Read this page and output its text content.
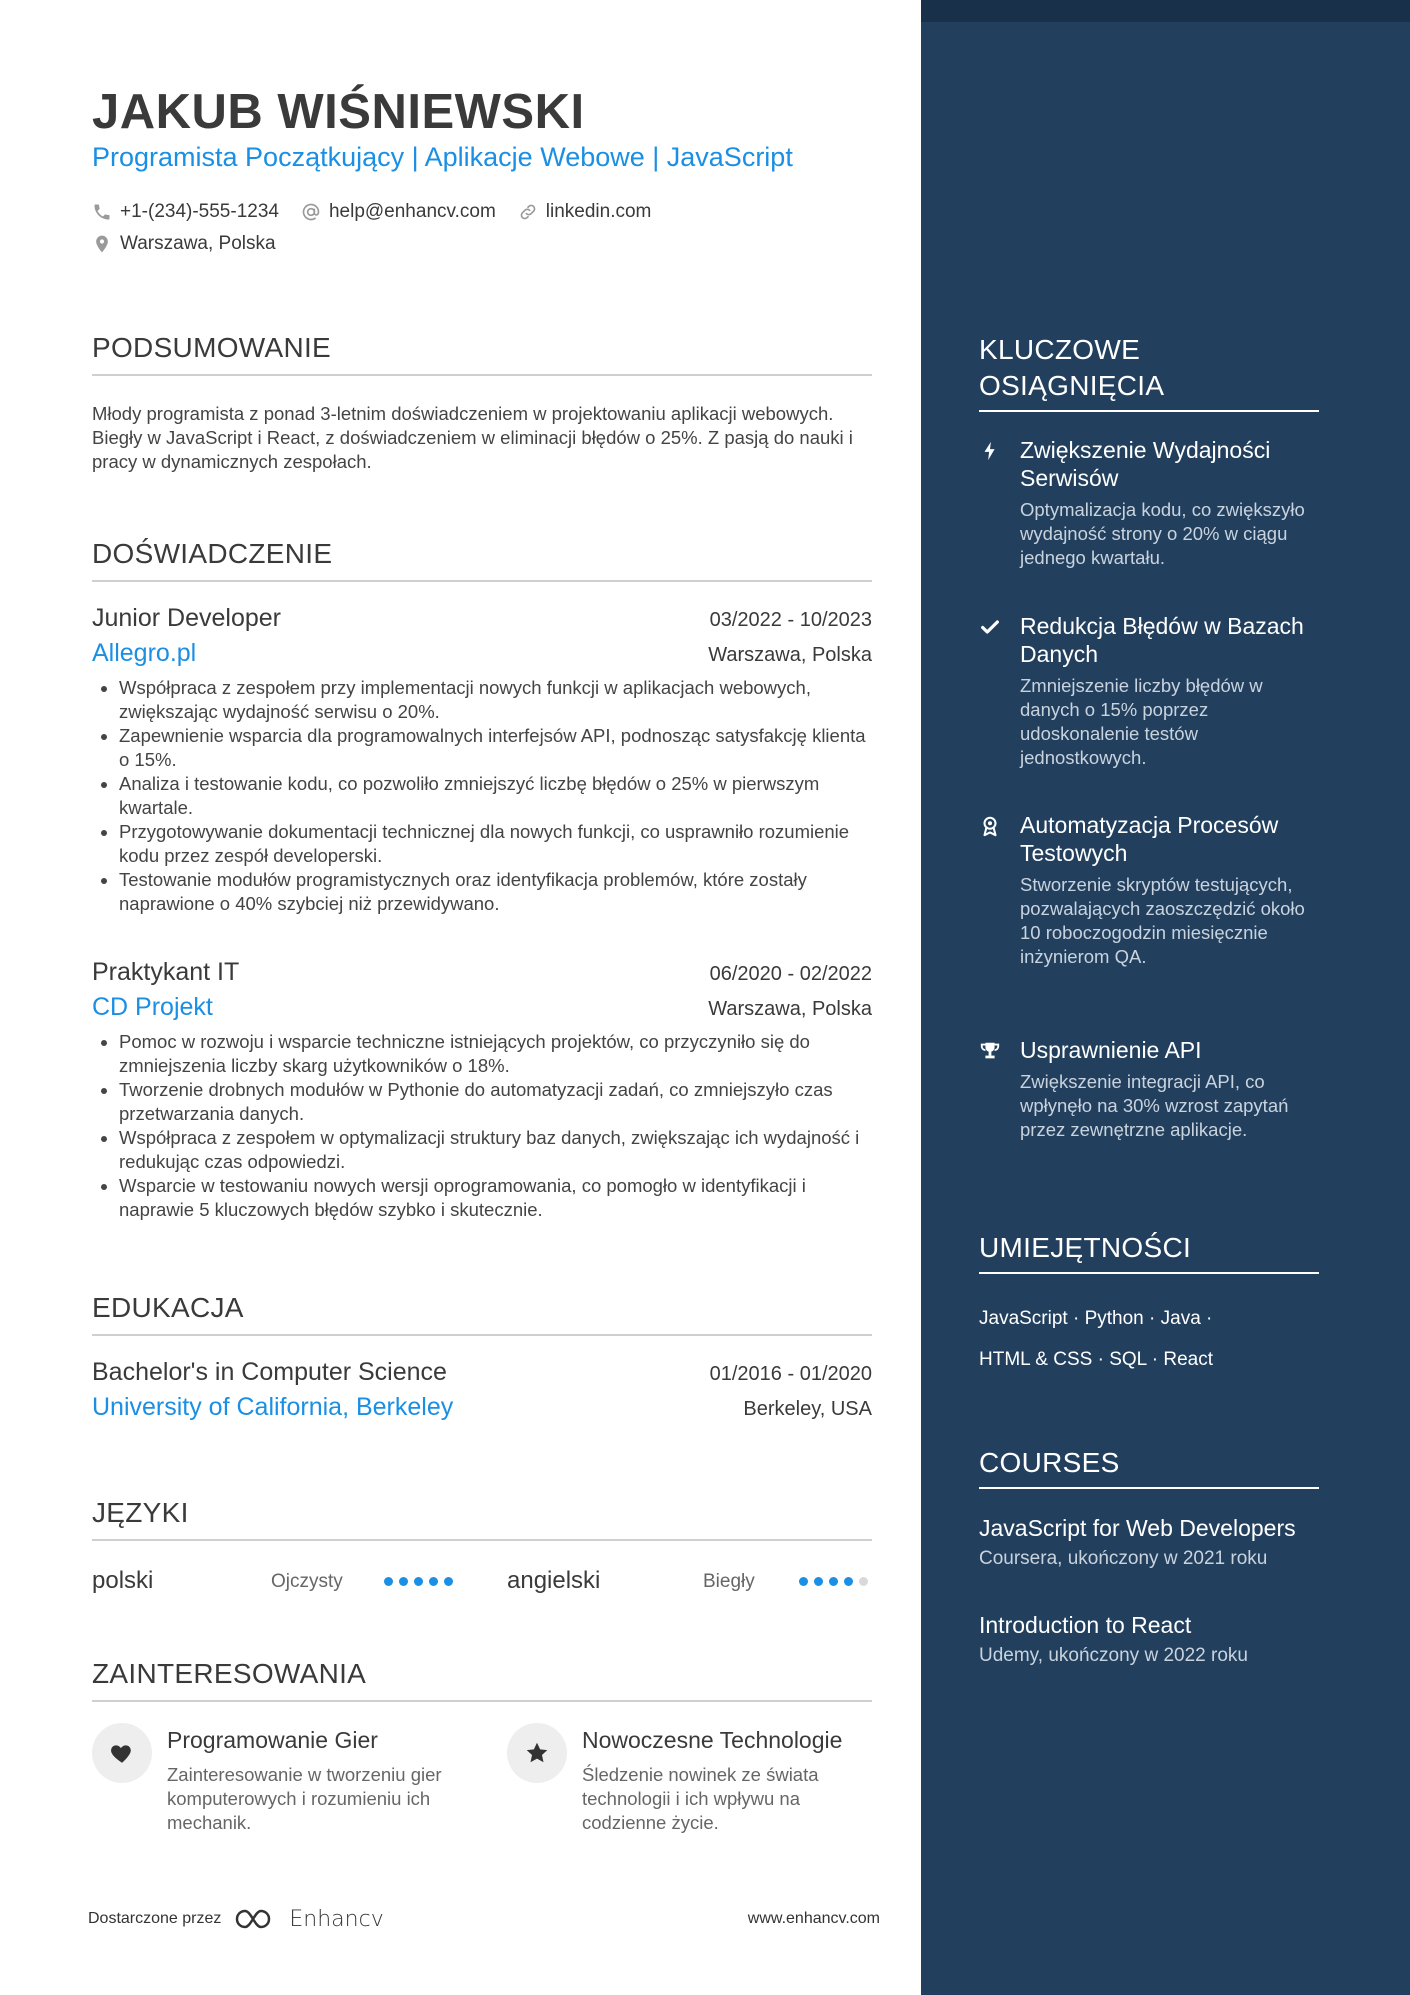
JAKUB WIŚNIEWSKI
Programista Początkujący | Aplikacje Webowe | JavaScript
+1-(234)-555-1234	help@enhancv.com	linkedin.com
Warszawa, Polska
PODSUMOWANIE
Młody programista z ponad 3-letnim doświadczeniem w projektowaniu aplikacji webowych. Biegły w JavaScript i React, z doświadczeniem w eliminacji błędów o 25%. Z pasją do nauki i pracy w dynamicznych zespołach.
DOŚWIADCZENIE
Junior Developer	03/2022 - 10/2023
Allegro.pl	Warszawa, Polska
• Współpraca z zespołem przy implementacji nowych funkcji w aplikacjach webowych, zwiększając wydajność serwisu o 20%.
• Zapewnienie wsparcia dla programowalnych interfejsów API, podnosząc satysfakcję klienta o 15%.
• Analiza i testowanie kodu, co pozwoliło zmniejszyć liczbę błędów o 25% w pierwszym kwartale.
• Przygotowywanie dokumentacji technicznej dla nowych funkcji, co usprawniło rozumienie kodu przez zespół developerski.
• Testowanie modułów programistycznych oraz identyfikacja problemów, które zostały naprawione o 40% szybciej niż przewidywano.
Praktykant IT	06/2020 - 02/2022
CD Projekt	Warszawa, Polska
• Pomoc w rozwoju i wsparcie techniczne istniejących projektów, co przyczyniło się do zmniejszenia liczby skarg użytkowników o 18%.
• Tworzenie drobnych modułów w Pythonie do automatyzacji zadań, co zmniejszyło czas przetwarzania danych.
• Współpraca z zespołem w optymalizacji struktury baz danych, zwiększając ich wydajność i redukując czas odpowiedzi.
• Wsparcie w testowaniu nowych wersji oprogramowania, co pomogło w identyfikacji i naprawie 5 kluczowych błędów szybko i skutecznie.
EDUKACJA
Bachelor's in Computer Science	01/2016 - 01/2020
University of California, Berkeley	Berkeley, USA
JĘZYKI
polski	Ojczysty	angielski	Biegły
ZAINTERESOWANIA
Programowanie Gier
Zainteresowanie w tworzeniu gier komputerowych i rozumieniu ich mechanik.
Nowoczesne Technologie
Śledzenie nowinek ze świata technologii i ich wpływu na codzienne życie.
Dostarczone przez	Enhancv	www.enhancv.com
KLUCZOWE OSIĄGNIĘCIA
Zwiększenie Wydajności Serwisów
Optymalizacja kodu, co zwiększyło wydajność strony o 20% w ciągu jednego kwartału.
Redukcja Błędów w Bazach Danych
Zmniejszenie liczby błędów w danych o 15% poprzez udoskonalenie testów jednostkowych.
Automatyzacja Procesów Testowych
Stworzenie skryptów testujących, pozwalających zaoszczędzić około 10 roboczogodzin miesięcznie inżynierom QA.
Usprawnienie API
Zwiększenie integracji API, co wpłynęło na 30% wzrost zapytań przez zewnętrzne aplikacje.
UMIEJĘTNOŚCI
JavaScript · Python · Java ·
HTML & CSS · SQL · React
COURSES
JavaScript for Web Developers
Coursera, ukończony w 2021 roku
Introduction to React
Udemy, ukończony w 2022 roku
